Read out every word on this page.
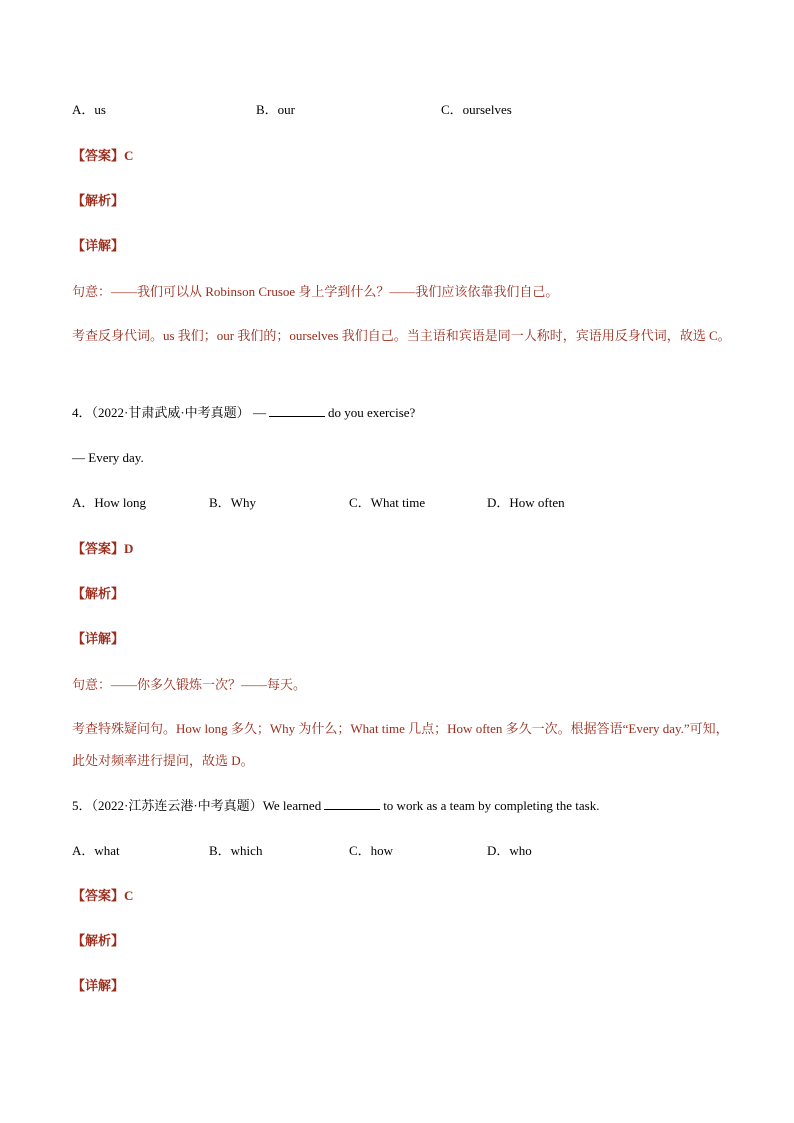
A．us	B．our	C．ourselves
【答案】C
【解析】
【详解】
句意：——我们可以从 Robinson Crusoe 身上学到什么？——我们应该依靠我们自己。
考查反身代词。us 我们；our 我们的；ourselves 我们自己。当主语和宾语是同一人称时，宾语用反身代词，故选 C。
4．（2022·甘肃武威·中考真题） —	do you exercise?
— Every day.
A．How long	B．Why	C．What time	D．How often
【答案】D
【解析】
【详解】
句意：——你多久锻炼一次？——每天。
考查特殊疑问句。How long 多久；Why 为什么；What time 几点；How often 多久一次。根据答语“Every day.”可知，此处对频率进行提问，故选 D。
5．（2022·江苏连云港·中考真题）We learned	to work as a team by completing the task.
A．what	B．which	C．how	D．who
【答案】C
【解析】
【详解】
